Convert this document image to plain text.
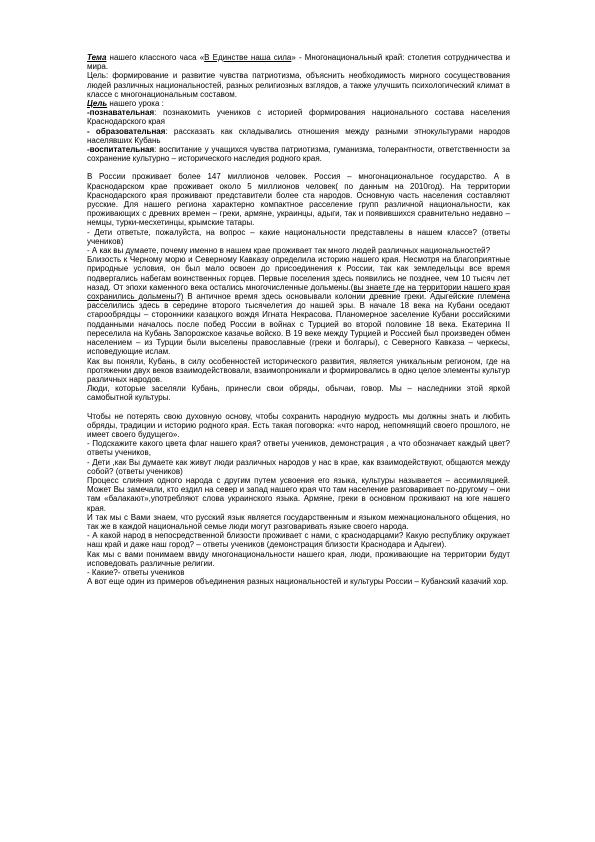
Тема нашего классного часа «В Единстве наша сила» - Многонациональный край: столетия сотрудничества и мира.

Цель: формирование и развитие чувства патриотизма, объяснить необходимость мирного сосуществования людей различных национальностей, разных религиозных взглядов, а также улучшить психологический климат в классе с многонациональным составом.

Цель нашего урока :

-познавательная: познакомить учеников с историей формирования национального состава населения Краснодарского края

- образовательная: рассказать как складывались отношения между разными этнокультурами народов населявших Кубань

-воспитательная: воспитание у учащихся чувства патриотизма, гуманизма, толерантности, ответственности за сохранение культурно – исторического наследия родного края.

В России проживает более 147 миллионов человек. Россия – многонациональное государство. А в Краснодарском крае проживает около 5 миллионов человек( по данным на 2010год). На территории Краснодарского края проживают представители более ста народов. Основную часть населения составляют русские. Для нашего региона характерно компактное расселение групп различной национальности, как проживающих с древних времен – греки, армяне, украинцы, адыги, так и появившихся сравнительно недавно – немцы, турки-месхетинцы, крымские татары.

- Дети ответьте, пожалуйста, на вопрос – какие национальности представлены в нашем классе? (ответы учеников)

- А как вы думаете, почему именно в нашем крае проживает так много людей различных национальностей?

Близость к Черному морю и Северному Кавказу определила историю нашего края. Несмотря на благоприятные природные условия, он был мало освоен до присоединения к России, так как земледельцы все время подвергались набегам воинственных горцев. Первые поселения здесь появились не позднее, чем 10 тысяч лет назад. От эпохи каменного века остались многочисленные дольмены.(вы знаете где на территории нашего края сохранились дольмены?) В античное время здесь основывали колонии древние греки. Адыгейские племена расселились здесь в середине второго тысячелетия до нашей эры. В начале 18 века на Кубани оседают старообрядцы – сторонники казацкого вождя Игната Некрасова. Планомерное заселение Кубани российскими подданными началось после побед России в войнах с Турцией во второй половине 18 века. Екатерина II переселила на Кубань Запорожское казачье войско. В 19 веке между Турцией и Россией был произведен обмен населением – из Турции были выселены православные (греки и болгары), с Северного Кавказа – черкесы, исповедующие ислам.

Как вы поняли, Кубань, в силу особенностей исторического развития, является уникальным регионом, где на протяжении двух веков взаимодействовали, взаимопроникали и формировались в одно целое элементы культур различных народов.

Люди, которые заселяли Кубань, принесли свои обряды, обычаи, говор. Мы – наследники этой яркой самобытной культуры.

Чтобы не потерять свою духовную основу, чтобы сохранить народную мудрость мы должны знать и любить обряды, традиции и историю родного края. Есть такая поговорка: «что народ, непомнящий своего прошлого, не имеет своего будущего».

- Подскажите какого цвета флаг нашего края? ответы учеников, демонстрация , а что обозначает каждый цвет? ответы учеников,

- Дети ,как Вы думаете как живут люди различных народов у нас в крае, как взаимодействуют, общаются между собой? (ответы учеников)

Процесс слияния одного народа с другим путем усвоения его языка, культуры называется – ассимиляцией. Может Вы замечали, кто ездил на север и запад нашего края что там население разговаривает по-другому – они там «балакают»,употребляют слова украинского языка. Армяне, греки в основном проживают на юге нашего края.

И так мы с Вами знаем, что русский язык является государственным и языком межнационального общения, но так же в каждой национальной семье люди могут разговаривать языке своего народа.

- А какой народ в непосредственной близости проживает с нами, с краснодарцами? Какую республику окружает наш край и даже наш город? – ответы учеников (демонстрация близости Краснодара и Адыгеи).

Как мы с вами понимаем ввиду многонациональности нашего края, люди, проживающие на территории будут исповедовать различные религии.

- Какие?- ответы учеников

А вот еще один из примеров объединения разных национальностей и культуры России – Кубанский казачий хор.
